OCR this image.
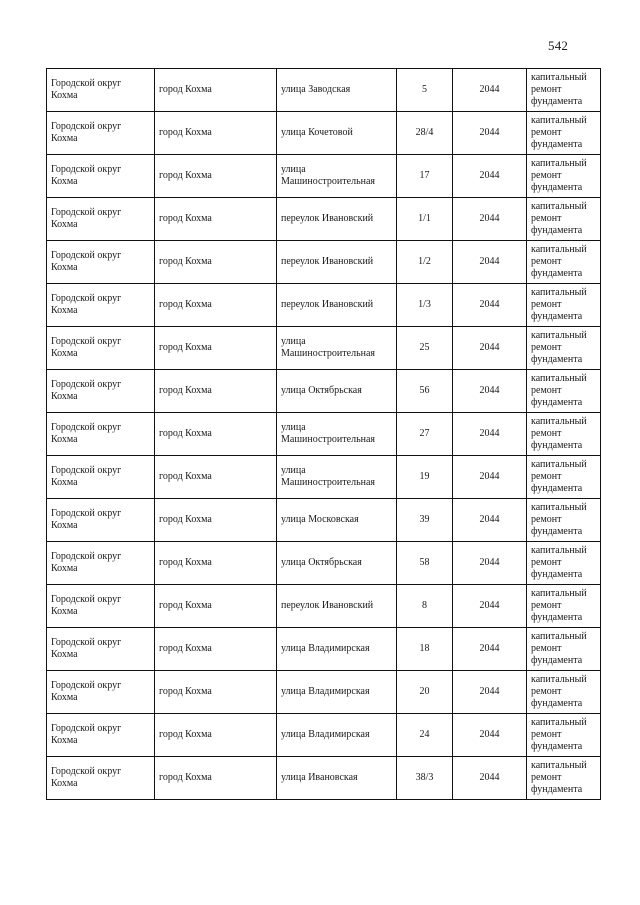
542
Городской округ Кохма	город Кохма	улица Заводская	5	2044	капитальный ремонт фундамента
Городской округ Кохма	город Кохма	улица Кочетовой	28/4	2044	капитальный ремонт фундамента
Городской округ Кохма	город Кохма	улица Машиностроительная	17	2044	капитальный ремонт фундамента
Городской округ Кохма	город Кохма	переулок Ивановский	1/1	2044	капитальный ремонт фундамента
Городской округ Кохма	город Кохма	переулок Ивановский	1/2	2044	капитальный ремонт фундамента
Городской округ Кохма	город Кохма	переулок Ивановский	1/3	2044	капитальный ремонт фундамента
Городской округ Кохма	город Кохма	улица Машиностроительная	25	2044	капитальный ремонт фундамента
Городской округ Кохма	город Кохма	улица Октябрьская	56	2044	капитальный ремонт фундамента
Городской округ Кохма	город Кохма	улица Машиностроительная	27	2044	капитальный ремонт фундамента
Городской округ Кохма	город Кохма	улица Машиностроительная	19	2044	капитальный ремонт фундамента
Городской округ Кохма	город Кохма	улица Московская	39	2044	капитальный ремонт фундамента
Городской округ Кохма	город Кохма	улица Октябрьская	58	2044	капитальный ремонт фундамента
Городской округ Кохма	город Кохма	переулок Ивановский	8	2044	капитальный ремонт фундамента
Городской округ Кохма	город Кохма	улица Владимирская	18	2044	капитальный ремонт фундамента
Городской округ Кохма	город Кохма	улица Владимирская	20	2044	капитальный ремонт фундамента
Городской округ Кохма	город Кохма	улица Владимирская	24	2044	капитальный ремонт фундамента
Городской округ Кохма	город Кохма	улица Ивановская	38/3	2044	капитальный ремонт фундамента
